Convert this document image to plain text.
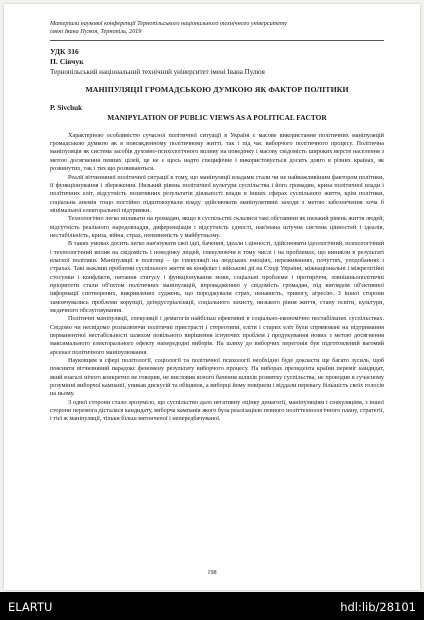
Матеріали наукової конференції Тернопільського національного технічного університету
імені Івана Пулюя, Тернопіль, 2019
УДК 316
П. Сівчук
Тернопільський національний технічний університет імені Івана Пулюя
МАНІПУЛЯЦІЇ ГРОМАДСЬКОЮ ДУМКОЮ ЯК ФАКТОР ПОЛІТИКИ
P. Sivchuk
MANIPYLATION OF PUBLIC VIEWS AS A POLITICAL FACTOR

Характерною особливістю сучасної політичної ситуації в Україні є масове використання політичних маніпуляцій громадською думкою як в повсякденному політичному житті, так і під час виборчого політичного процесу. Політична маніпуляція як система засобів духовно-психологічного впливу на поведінку і масову свідомість широких верств населення з метою досягнення певних цілей, це не є щось надто специфічне і використовується досить довго в різних країнах, як розвинутих, так і тих що розвиваються.

Реалії вітчизняної політичної ситуації в тому, що маніпуляції владами стали чи не найважливішим фактором політики, її функціонування і збереження. Низький рівень політичної культури суспільства і його громадян, криза політичної влади і політичних еліт, відсутність позитивних результатів діяльності влади в інших сферах суспільного життя, крім політики, соціальна анемія тощо постійно підштовхували владу здійснювати маніпулятивні заходи з метою забезпечення хоча б мінімальної електоральної підтримки.

Технологічно легко впливати на громадян, якщо в суспільстві склалися такі обставини як низький рівень життя людей, відсутність реального народовладдя, диференціація і відсутність єдності, нав'язана штучна система цінностей і ідеалів, нестабільність, криза, війна, страх, непевненість у майбутньому.

В таких умовах досить легко нав'язувати свої ідеї, бачення, ідеали і цінності, здійснювати ідеологічний, психологічний і технологічний вплив на свідомість і поведінку людей, спекулюючи в тому числі і на проблемах, що виникли в результаті власної політики. Маніпуляції в політиці – це спекуляції на людських емоціях, переживаннях, почуттях, уподобаннях і страхах. Такі важливі проблеми суспільного життя як конфлікт і військові дії на Сході України, міжнаціональні і міжрелігійні стосунки і конфлікти, питання статусу і функціонування мови, соціальні проблеми і протиріччя, зовнішньополітичні пріоритети стали об'єктом політичних маніпуляцій, впровадженню у свідомість громадян, під виглядом об'єктивної інформації спотворених, викривлених суджень, що породжували страх, ненависть, тривогу, агресію. З іншої сторони замовчувались проблеми корупції, деіндустріалізації, соціального захисту, низького рівня життя, стану освіти, культури, медичного обслуговування.

Політичні маніпуляції, спекуляції і демагогія найбільш ефективні в соціально-економічно нестабільних суспільствах. Свідомо чи несвідомо розпалюючи політичні пристрасті і стереотипи, еліти і старих еліт були спрямовані на підтримання перманентної нестабільності шляхом повільного вирішення існуючих проблем і продукування нових з метою досягнення максимального електорального ефекту напередодні виборів. На шляху до виборчих перегонів був підготовлений вагомий арсенал політичного маніпулювання.

Науковцям в сфері політології, соціології та політичної психології необхідно буде докласти ще багато зусиль, щоб пояснити вітчизняний парадокс феномену результату виборчого процесу. На виборах президента країни переміг кандидат, який взагалі нічого конкретно не говорив, не висловив ясного бачення шляхів розвитку суспільства, не проводив в сучасному розумінні виборчої кампанії, уникав дискусій та обіцянок, а виборці йому повірили і віддали перевагу більшість своїх голосів на ньому.

З одної сторони стало зрозуміло, що суспільство дало негативну оцінку демагогії, маніпуляціям і спекуляціям, з іншої сторони перемога дісталася кандидату, виборча кампанія якого була реалізацією певного політтехнологічного плану, стратегії, і тієї ж маніпуляції, тільки більш витонченої і непередбачуваної.

198
ELARTU	hdl:lib/28101
